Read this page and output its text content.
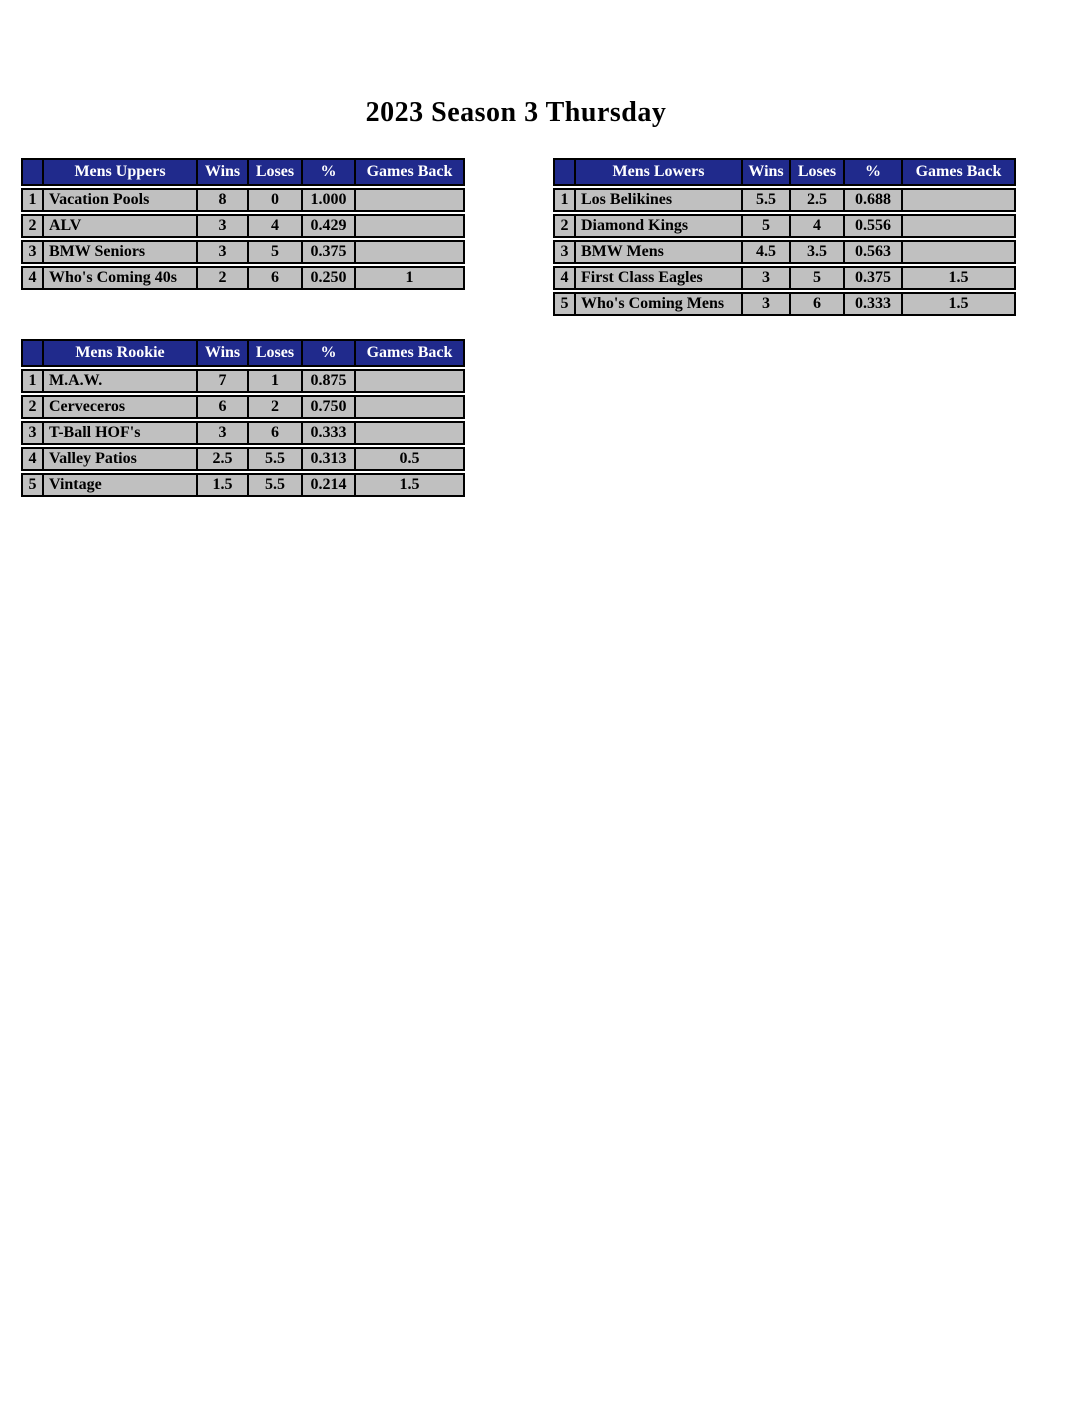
2023 Season 3 Thursday
Mens Uppers	Wins Loses	%	Games Back
1 Vacation Pools	8	0	1.000
2 ALV	3	4	0.429
3 BMW Seniors	3	5	0.375
4 Who's Coming 40s	2	6	0.250	1
Mens Lowers	Wins Loses	%	Games Back
1 Los Belikines	5.5	2.5	0.688
2 Diamond Kings	5	4	0.556
3 BMW Mens	4.5	3.5	0.563
4 First Class Eagles	3	5	0.375	1.5
5 Who's Coming Mens	3	6	0.333	1.5
Mens Rookie	Wins Loses	%	Games Back
1 M.A.W.	7	1	0.875
2 Cerveceros	6	2	0.750
3 T-Ball HOF's	3	6	0.333
4 Valley Patios	2.5	5.5	0.313	0.5
5 Vintage	1.5	5.5	0.214	1.5
